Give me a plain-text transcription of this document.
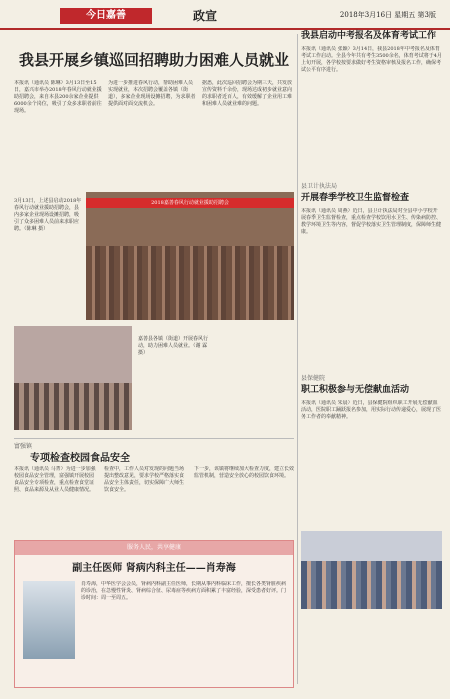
今日嘉善	政宣	2018年3月16日 星期五 第3版
我县开展乡镇巡回招聘助力困难人员就业
本报讯（通讯员 陈琳）3月13日至15日，嘉兴市举办2018年春风行动就业援助招聘会，来自本县200余家企业提供6000余个岗位，吸引了众多求职者前往现场。
为进一步推进春风行动，帮助困难人员实现就业，本次招聘会覆盖各镇（街道），多家企业现场设摊招聘，为求职者提供面对面交流机会。
据悉，此次巡回招聘会为期三天，共发放宣传资料千余份，现场达成初步就业意向的求职者近百人，有效缓解了企业用工难和困难人员就业难的问题。
3月13日，上述县启动2018年春风行动就业援助招聘会，县内多家企业现场设摊招聘，吸引了众多困难人员前来求职应聘。（陈琳 摄）
2018嘉善春风行动就业援助招聘会
嘉善县各镇（街道）开展春风行动，助力困难人员就业。（谢 霖 摄）
我县启动中考报名及体育考试工作
本报讯（通讯员 张颖）3月14日，我县2018年中考报名及体育考试工作启动。全县今年共有考生3500余名，体育考试将于4月上旬开展，各学校按要求做好考生资格审核及报名工作，确保考试公平有序进行。
县卫计执法局
开展春季学校卫生监督检查
本报讯（通讯员 周燕）近日，县卫计执法局对全县中小学校开展春季卫生监督检查，重点检查学校饮用水卫生、传染病防控、教学环境卫生等内容，督促学校落实卫生管理制度，保障师生健康。
县保健院
职工积极参与无偿献血活动
本报讯（通讯员 朱晨）近日，县保健院组织职工开展无偿献血活动，医院职工踊跃报名参加，用实际行动传递爱心，展现了医务工作者的奉献精神。
富强镇
专项检查校园食品安全
本报讯（通讯员 马菁）为进一步加强校园食品安全管理，富强镇开展校园食品安全专项检查，重点检查食堂证照、食品来源及从业人员健康情况。
检查中，工作人员对发现的问题当场提出整改意见，要求学校严格落实食品安全主体责任，切实保障广大师生饮食安全。
下一步，该镇将继续加大检查力度，建立长效监管机制，营造安全放心的校园饮食环境。
服务人民，共享健康
副主任医师 肾病内科主任——肖寿海
肖寿海，中华医学会会员，肾病内科副主任医师，长期从事内科临床工作，擅长各类肾脏疾病的诊治，在急慢性肾炎、肾病综合征、尿毒症等疾病方面积累了丰富经验，深受患者好评。门诊时间：周一至周五。
